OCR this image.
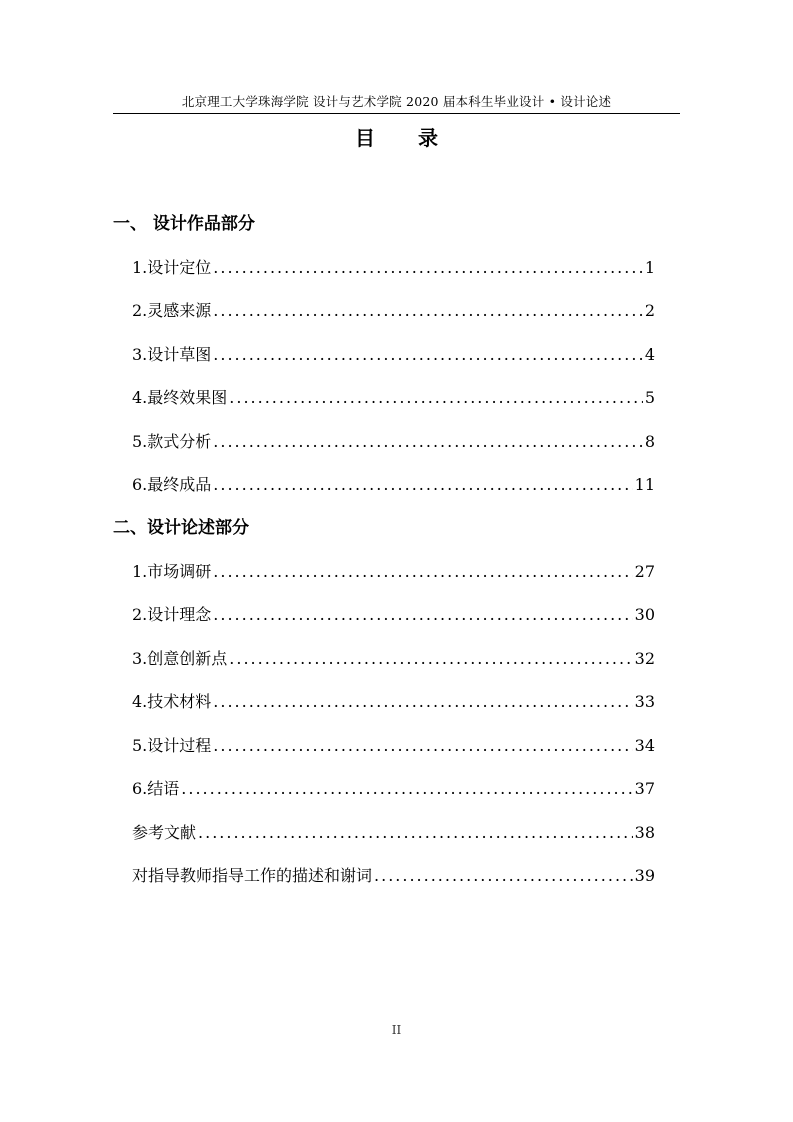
北京理工大学珠海学院 设计与艺术学院 2020 届本科生毕业设计 • 设计论述
目 录
一、 设计作品部分
1.设计定位 .....	1
2.灵感来源 .....	2
3.设计草图 .....	4
4.最终效果图 .....	5
5.款式分析 .....	8
6.最终成品 .....	11
二、设计论述部分
1.市场调研 .....	27
2.设计理念 .....	30
3.创意创新点 .....	32
4.技术材料 .....	33
5.设计过程 .....	34
6.结语 .....	37
参考文献 .....	38
对指导教师指导工作的描述和谢词 .....	39
II
